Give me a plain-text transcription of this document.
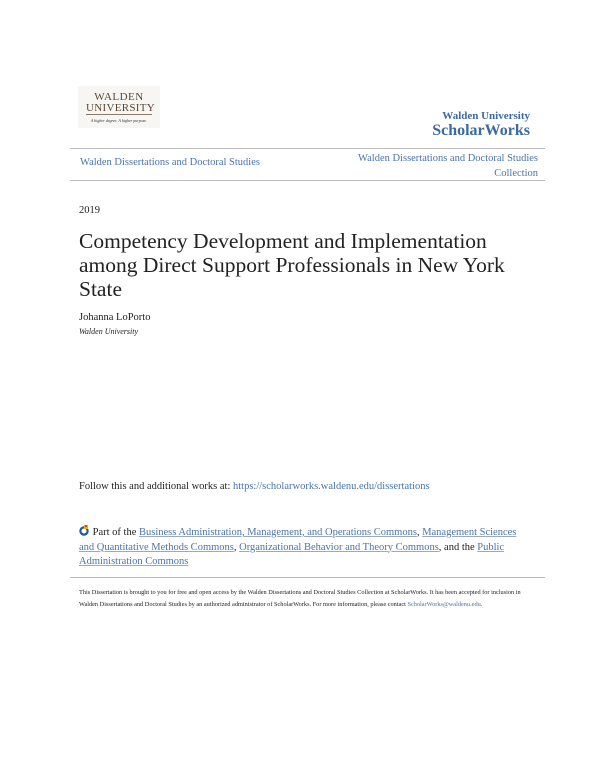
WALDEN
UNIVERSITY
A higher degree. A higher purpose.	Walden University
ScholarWorks
Walden Dissertations and Doctoral Studies	Walden Dissertations and Doctoral Studies
Collection
2019
Competency Development and Implementation among Direct Support Professionals in New York State
Johanna LoPorto
Walden University
Follow this and additional works at: https://scholarworks.waldenu.edu/dissertations
Part of the Business Administration, Management, and Operations Commons, Management Sciences and Quantitative Methods Commons, Organizational Behavior and Theory Commons, and the Public Administration Commons
This Dissertation is brought to you for free and open access by the Walden Dissertations and Doctoral Studies Collection at ScholarWorks. It has been accepted for inclusion in Walden Dissertations and Doctoral Studies by an authorized administrator of ScholarWorks. For more information, please contact ScholarWorks@waldenu.edu.
